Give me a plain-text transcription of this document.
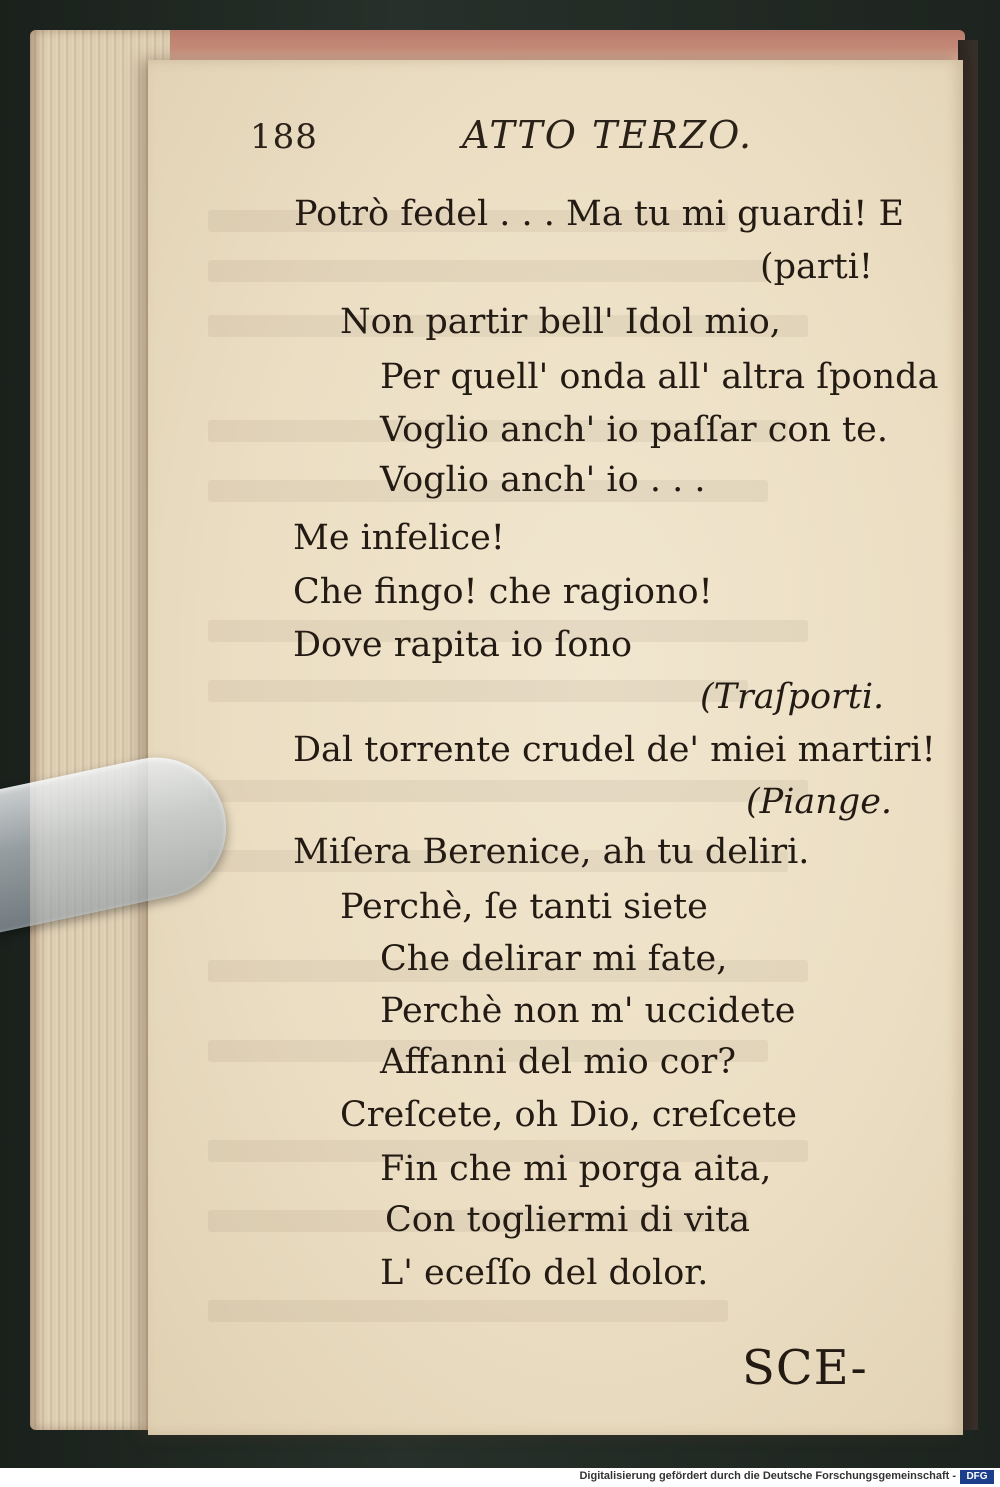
188	ATTO TERZO.
Potrò fedel . . . Ma tu mi guardi! E
(parti!
Non partir bell' Idol mio,
Per quell' onda all' altra ſponda
Voglio anch' io paſſar con te.
Voglio anch' io . . .
Me infelice!
Che fingo! che ragiono!
Dove rapita io ſono
(Traſporti.
Dal torrente crudel de' miei martiri!
(Piange.
Miſera Berenice, ah tu deliri.
Perchè, ſe tanti siete
Che delirar mi fate,
Perchè non m' uccidete
Affanni del mio cor?
Creſcete, oh Dio, creſcete
Fin che mi porga aita,
Con togliermi di vita
L' eceſſo del dolor.
SCE-
Digitalisierung gefördert durch die Deutsche Forschungsgemeinschaft -	DFG
